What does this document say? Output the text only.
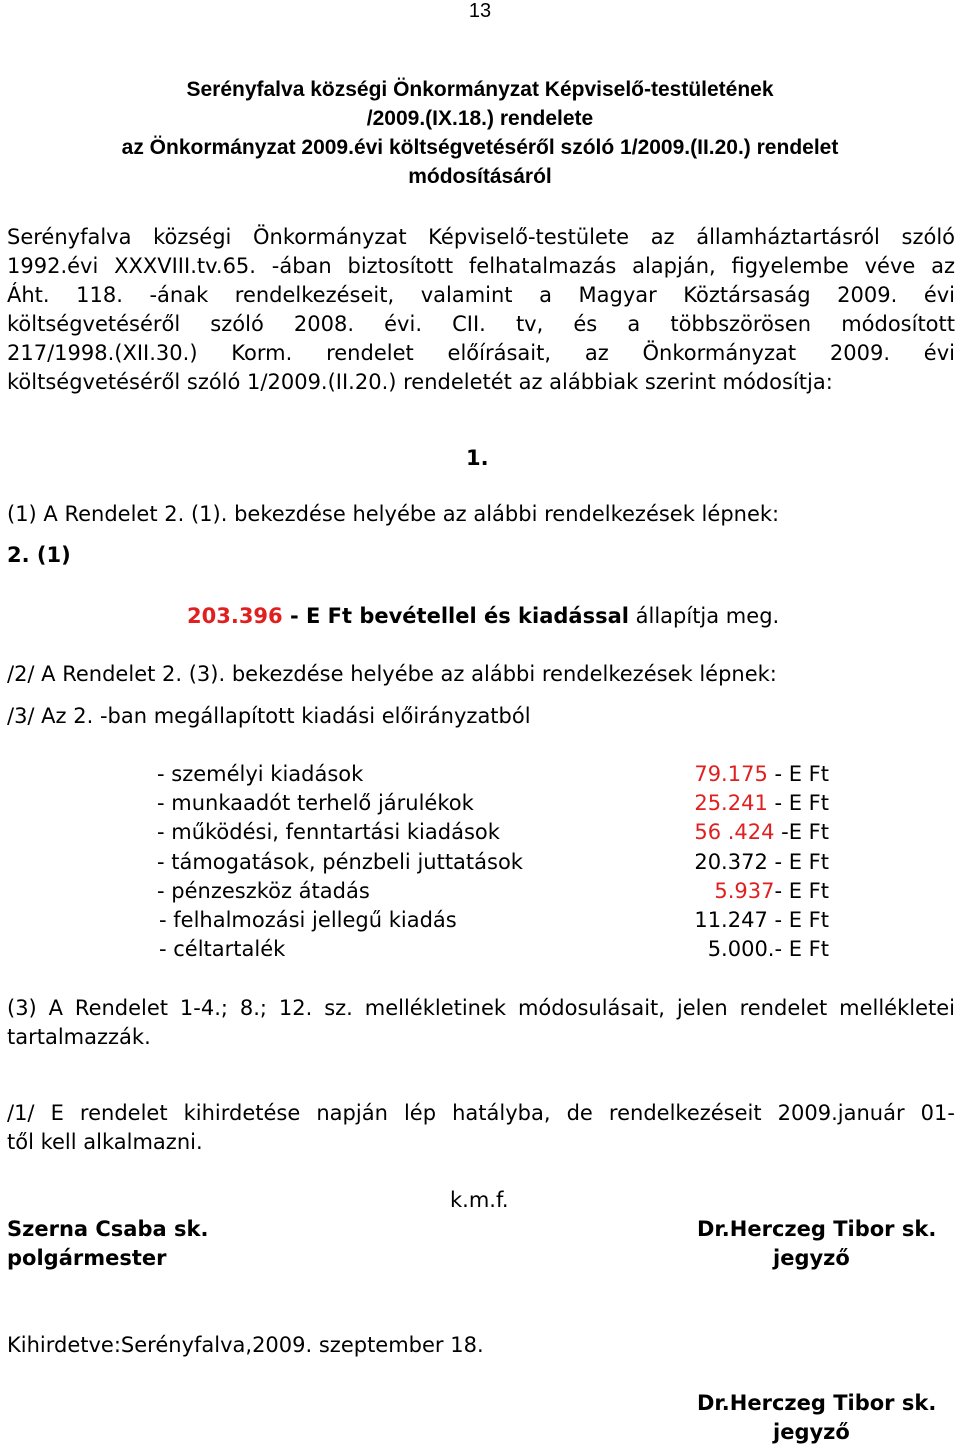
13
Serényfalva községi Önkormányzat Képviselő-testületének
/2009.(IX.18.) rendelete
az Önkormányzat 2009.évi költségvetéséről szóló 1/2009.(II.20.) rendelet
módosításáról
Serényfalva községi Önkormányzat Képviselő-testülete az államháztartásról szóló
1992.évi XXXVIII.tv.65. -ában biztosított felhatalmazás alapján, figyelembe véve az
Áht. 118. -ának rendelkezéseit, valamint a Magyar Köztársaság 2009. évi
költségvetéséről szóló 2008. évi. CII. tv, és a többszörösen módosított
217/1998.(XII.30.) Korm. rendelet előírásait, az Önkormányzat 2009. évi
költségvetéséről szóló 1/2009.(II.20.) rendeletét az alábbiak szerint módosítja:
1.
(1) A Rendelet 2. (1). bekezdése helyébe az alábbi rendelkezések lépnek:
2. (1)
203.396 - E Ft bevétellel és kiadással állapítja meg.
/2/ A Rendelet 2. (3). bekezdése helyébe az alábbi rendelkezések lépnek:
/3/ Az 2. -ban megállapított kiadási előirányzatból
- személyi kiadások	79.175 - E Ft
- munkaadót terhelő járulékok	25.241 - E Ft
- működési, fenntartási kiadások	56 .424 -E Ft
- támogatások, pénzbeli juttatások	20.372 - E Ft
- pénzeszköz átadás	5.937- E Ft
- felhalmozási jellegű kiadás	11.247 - E Ft
- céltartalék	5.000.- E Ft
(3) A Rendelet 1-4.; 8.; 12. sz. mellékletinek módosulásait, jelen rendelet mellékletei
tartalmazzák.
/1/ E rendelet kihirdetése napján lép hatályba, de rendelkezéseit 2009.január 01-
től kell alkalmazni.
k.m.f.
Szerna Csaba sk.
polgármester
Dr.Herczeg Tibor sk.
jegyző
Kihirdetve:Serényfalva,2009. szeptember 18.
Dr.Herczeg Tibor sk.
jegyző
